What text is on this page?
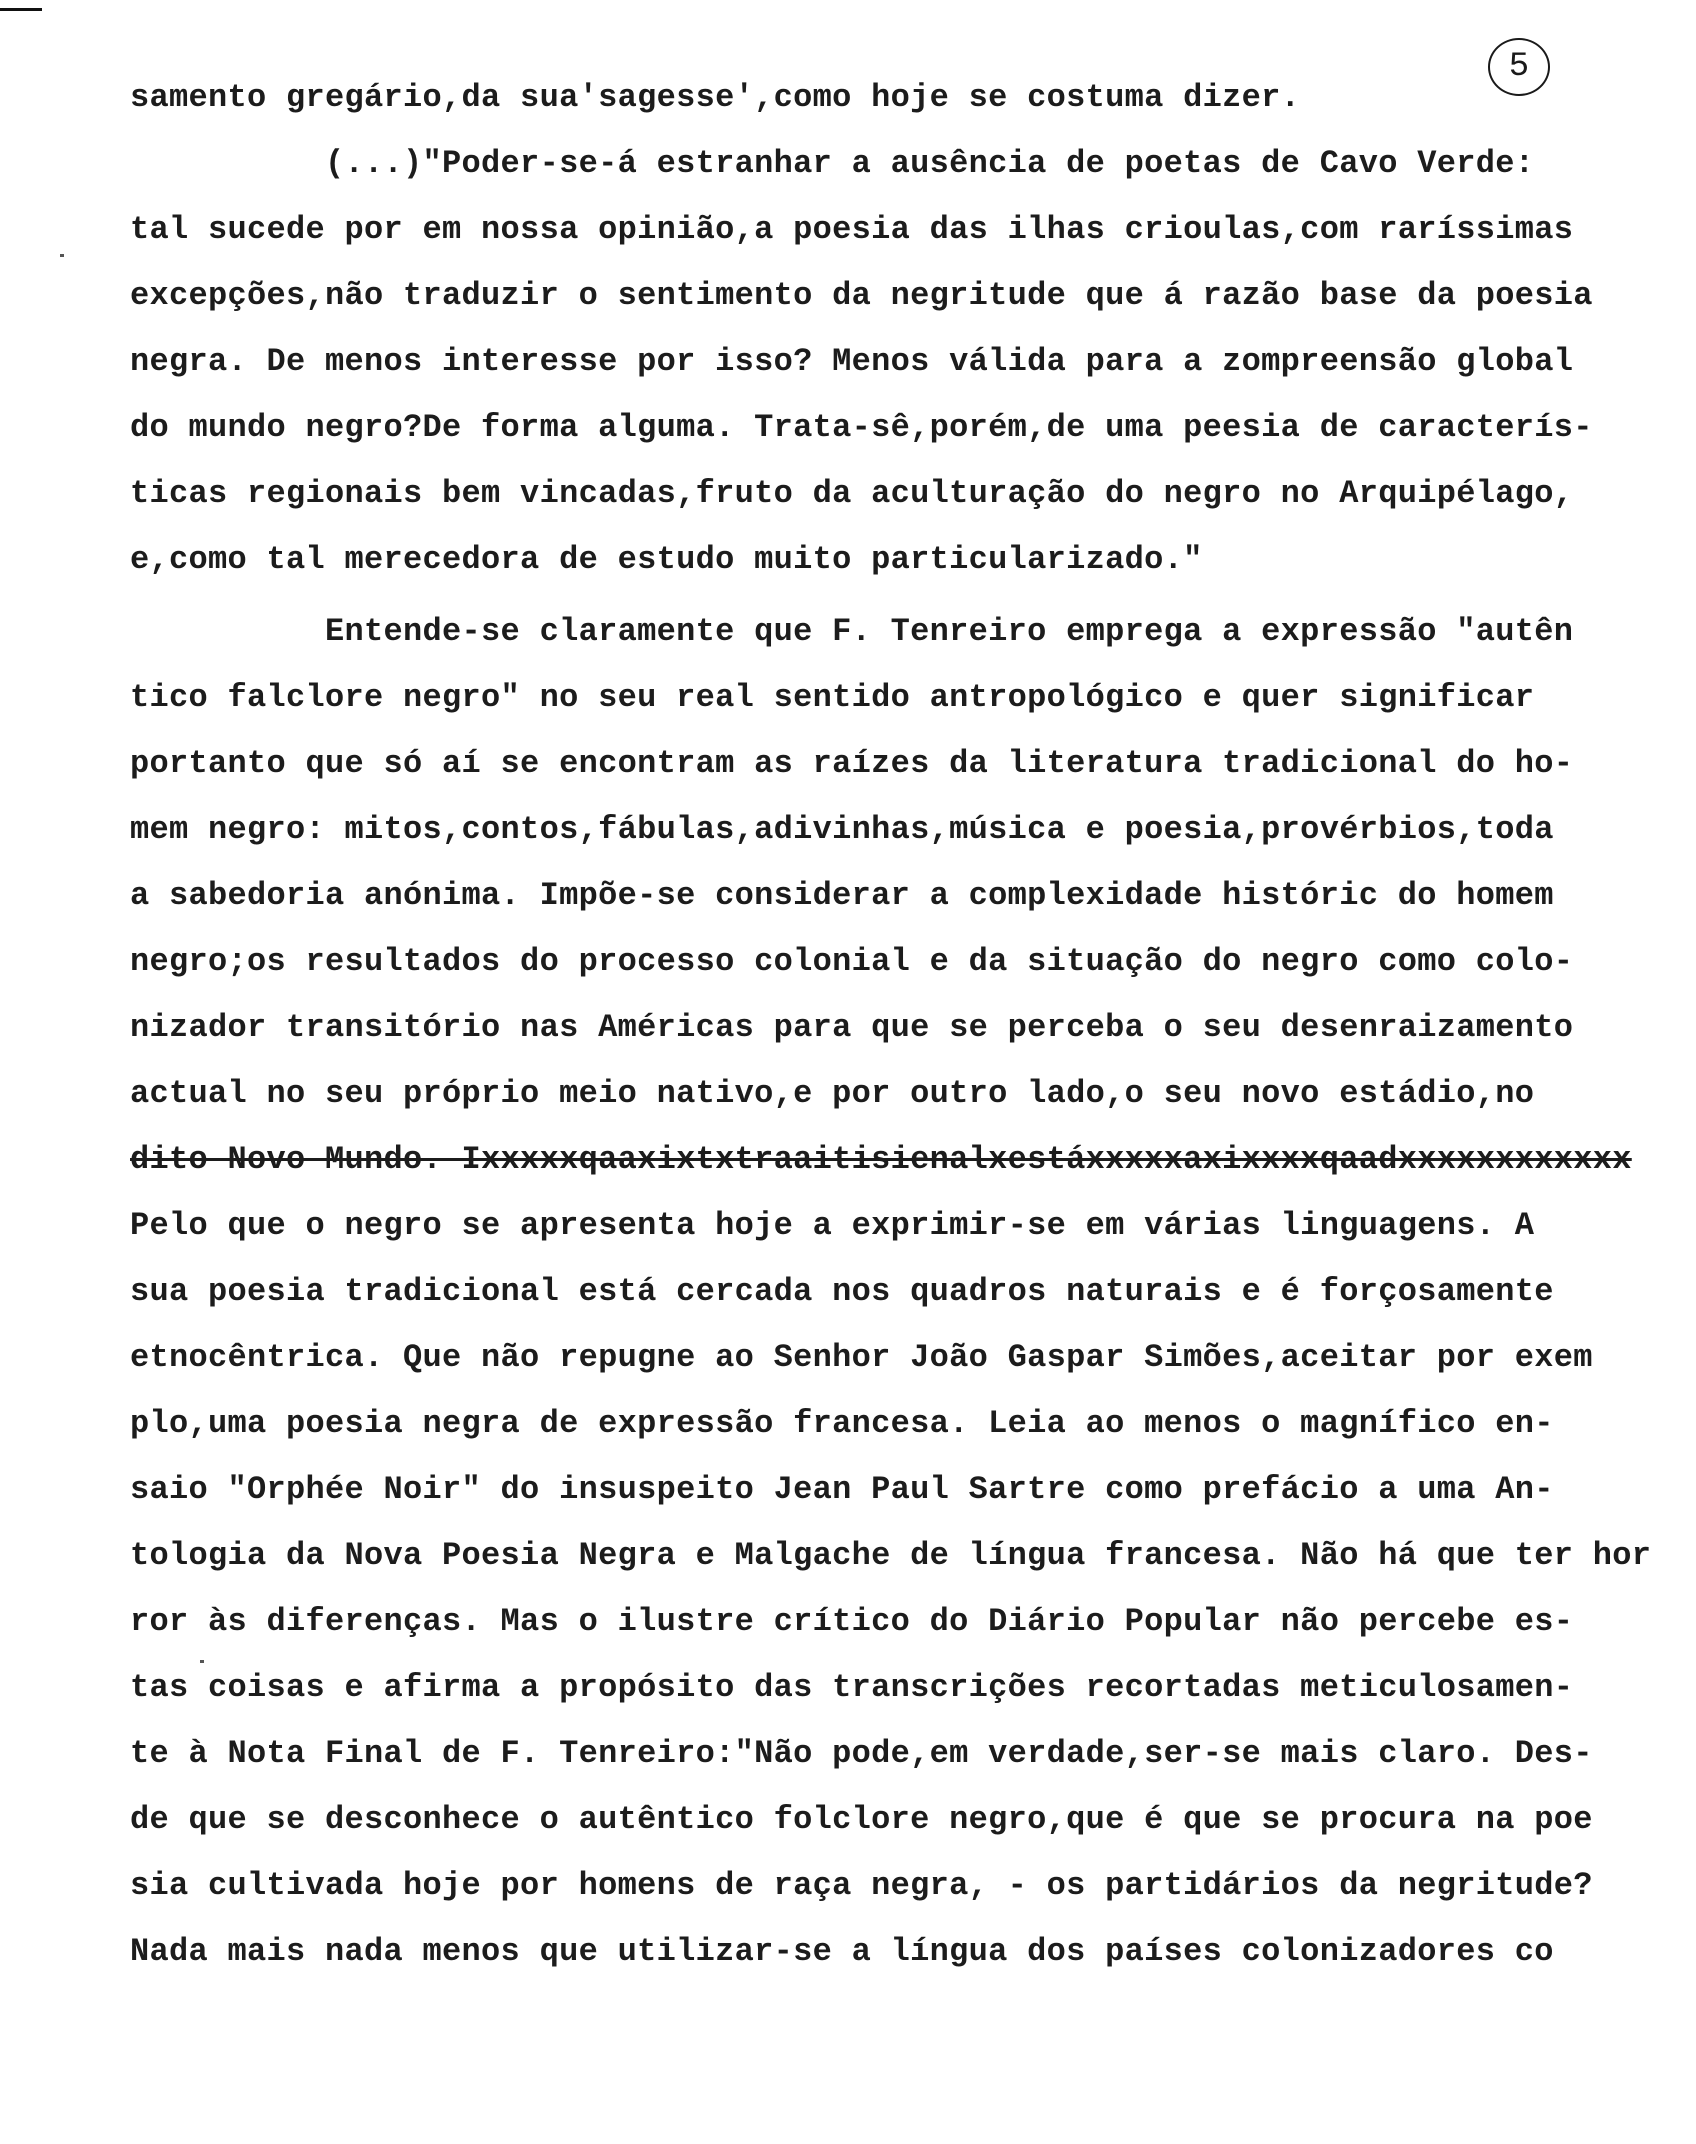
5
samento gregário,da sua'sagesse',como hoje se costuma dizer.
(...)"Poder-se-á estranhar a ausência de poetas de Cavo Verde:
tal sucede por em nossa opinião,a poesia das ilhas crioulas,com raríssimas
excepções,não traduzir o sentimento da negritude que á razão base da poesia
negra. De menos interesse por isso? Menos válida para a zompreensão global
do mundo negro?De forma alguma. Trata-sê,porém,de uma peesia de caracterís-
ticas regionais bem vincadas,fruto da aculturação do negro no Arquipélago,
e,como tal merecedora de estudo muito particularizado."
Entende-se claramente que F. Tenreiro emprega a expressão "autên
tico falclore negro" no seu real sentido antropológico e quer significar
portanto que só aí se encontram as raízes da literatura tradicional do ho-
mem negro: mitos,contos,fábulas,adivinhas,música e poesia,provérbios,toda
a sabedoria anónima. Impõe-se considerar a complexidade históric do homem
negro;os resultados do processo colonial e da situação do negro como colo-
nizador transitório nas Américas para que se perceba o seu desenraizamento
actual no seu próprio meio nativo,e por outro lado,o seu novo estádio,no
dito Novo Mundo. Ixxxxxqaaxixtxtraaitisienalxestáxxxxxaxixxxxqaadxxxxxxxxxxxx
Pelo que o negro se apresenta hoje a exprimir-se em várias linguagens. A
sua poesia tradicional está cercada nos quadros naturais e é forçosamente
etnocêntrica. Que não repugne ao Senhor João Gaspar Simões,aceitar por exem
plo,uma poesia negra de expressão francesa. Leia ao menos o magnífico en-
saio "Orphée Noir" do insuspeito Jean Paul Sartre como prefácio a uma An-
tologia da Nova Poesia Negra e Malgache de língua francesa. Não há que ter hor
ror às diferenças. Mas o ilustre crítico do Diário Popular não percebe es-
tas coisas e afirma a propósito das transcrições recortadas meticulosamen-
te à Nota Final de F. Tenreiro:"Não pode,em verdade,ser-se mais claro. Des-
de que se desconhece o autêntico folclore negro,que é que se procura na poe
sia cultivada hoje por homens de raça negra, - os partidários da negritude?
Nada mais nada menos que utilizar-se a língua dos países colonizadores co
